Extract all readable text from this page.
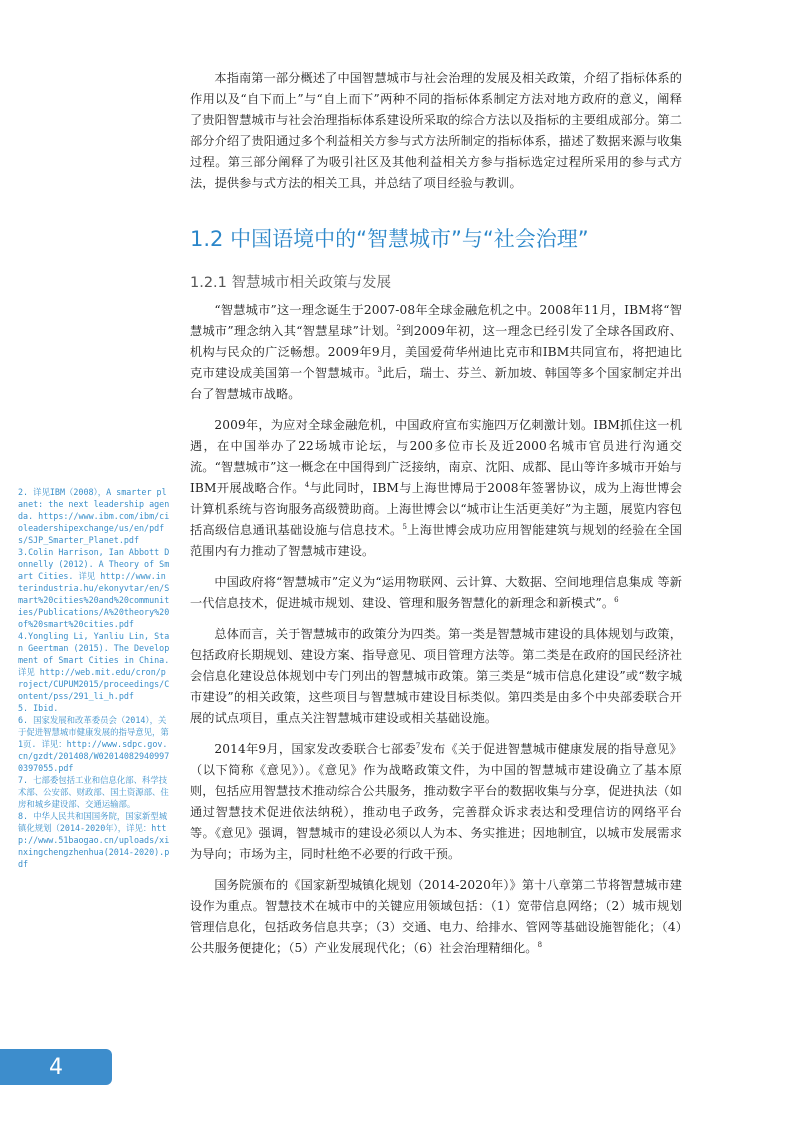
本指南第一部分概述了中国智慧城市与社会治理的发展及相关政策，介绍了指标体系的作用以及“自下而上”与“自上而下”两种不同的指标体系制定方法对地方政府的意义，阐释了贵阳智慧城市与社会治理指标体系建设所采取的综合方法以及指标的主要组成部分。第二部分介绍了贵阳通过多个利益相关方参与式方法所制定的指标体系，描述了数据来源与收集过程。第三部分阐释了为吸引社区及其他利益相关方参与指标选定过程所采用的参与式方法，提供参与式方法的相关工具，并总结了项目经验与教训。

1.2 中国语境中的“智慧城市”与“社会治理”
1.2.1 智慧城市相关政策与发展

“智慧城市”这一理念诞生于2007-08年全球金融危机之中。2008年11月，IBM将“智慧城市”理念纳入其“智慧星球”计划。$^2$到2009年初，这一理念已经引发了全球各国政府、机构与民众的广泛畅想。2009年9月，美国爱荷华州迪比克市和IBM共同宣布，将把迪比克市建设成美国第一个智慧城市。$^3$此后，瑞士、芬兰、新加坡、韩国等多个国家制定并出台了智慧城市战略。

2009年，为应对全球金融危机，中国政府宣布实施四万亿刺激计划。IBM抓住这一机遇，在中国举办了22场城市论坛，与200多位市长及近2000名城市官员进行沟通交流。“智慧城市”这一概念在中国得到广泛接纳，南京、沈阳、成都、昆山等许多城市开始与IBM开展战略合作。$^4$与此同时，IBM与上海世博局于2008年签署协议，成为上海世博会计算机系统与咨询服务高级赞助商。上海世博会以“城市让生活更美好”为主题，展览内容包括高级信息通讯基础设施与信息技术。$^5$上海世博会成功应用智能建筑与规划的经验在全国范围内有力推动了智慧城市建设。

中国政府将“智慧城市”定义为“运用物联网、云计算、大数据、空间地理信息集成 等新一代信息技术，促进城市规划、建设、管理和服务智慧化的新理念和新模式”。$^6$

总体而言，关于智慧城市的政策分为四类。第一类是智慧城市建设的具体规划与政策，包括政府长期规划、建设方案、指导意见、项目管理方法等。第二类是在政府的国民经济社会信息化建设总体规划中专门列出的智慧城市政策。第三类是“城市信息化建设”或“数字城市建设”的相关政策，这些项目与智慧城市建设目标类似。第四类是由多个中央部委联合开展的试点项目，重点关注智慧城市建设或相关基础设施。

2014年9月，国家发改委联合七部委$^7$发布《关于促进智慧城市健康发展的指导意见》（以下简称《意见》）。《意见》作为战略政策文件，为中国的智慧城市建设确立了基本原则，包括应用智慧技术推动综合公共服务，推动数字平台的数据收集与分享，促进执法（如通过智慧技术促进依法纳税），推动电子政务，完善群众诉求表达和受理信访的网络平台等。《意见》强调，智慧城市的建设必须以人为本、务实推进；因地制宜，以城市发展需求为导向；市场为主，同时杜绝不必要的行政干预。

国务院颁布的《国家新型城镇化规划（2014-2020年）》第十八章第二节将智慧城市建设作为重点。智慧技术在城市中的关键应用领域包括：（1）宽带信息网络；（2）城市规划管理信息化，包括政务信息共享；（3）交通、电力、给排水、管网等基础设施智能化；（4）公共服务便捷化；（5）产业发展现代化；（6）社会治理精细化。$^8$

2. 详见IBM（2008），A smarter planet: the next leadership agenda. https://www.ibm.com/ibm/cioleadershipexchange/us/en/pdfs/SJP_Smarter_Planet.pdf

3.Colin Harrison, Ian Abbott Donnelly (2012). A Theory of Smart Cities. 详见 http://www.interindustria.hu/ekonyvtar/en/Smart%20cities%20and%20communities/Publications/A%20theory%20of%20smart%20cities.pdf

4.Yongling Li, Yanliu Lin, Stan Geertman (2015). The Development of Smart Cities in China. 详见 http://web.mit.edu/cron/project/CUPUM2015/proceedings/Content/pss/291_li_h.pdf

5. Ibid.

6. 国家发展和改革委员会（2014），关于促进智慧城市健康发展的指导意见，第1页. 详见：http://www.sdpc.gov.cn/gzdt/201408/W020140829409970397055.pdf

7. 七部委包括工业和信息化部、科学技术部、公安部、财政部、国土资源部、住房和城乡建设部、交通运输部。

8. 中华人民共和国国务院，国家新型城镇化规划（2014-2020年），详见：http://www.51baogao.cn/uploads/xinxingchengzhenhua(2014-2020).pdf

4
